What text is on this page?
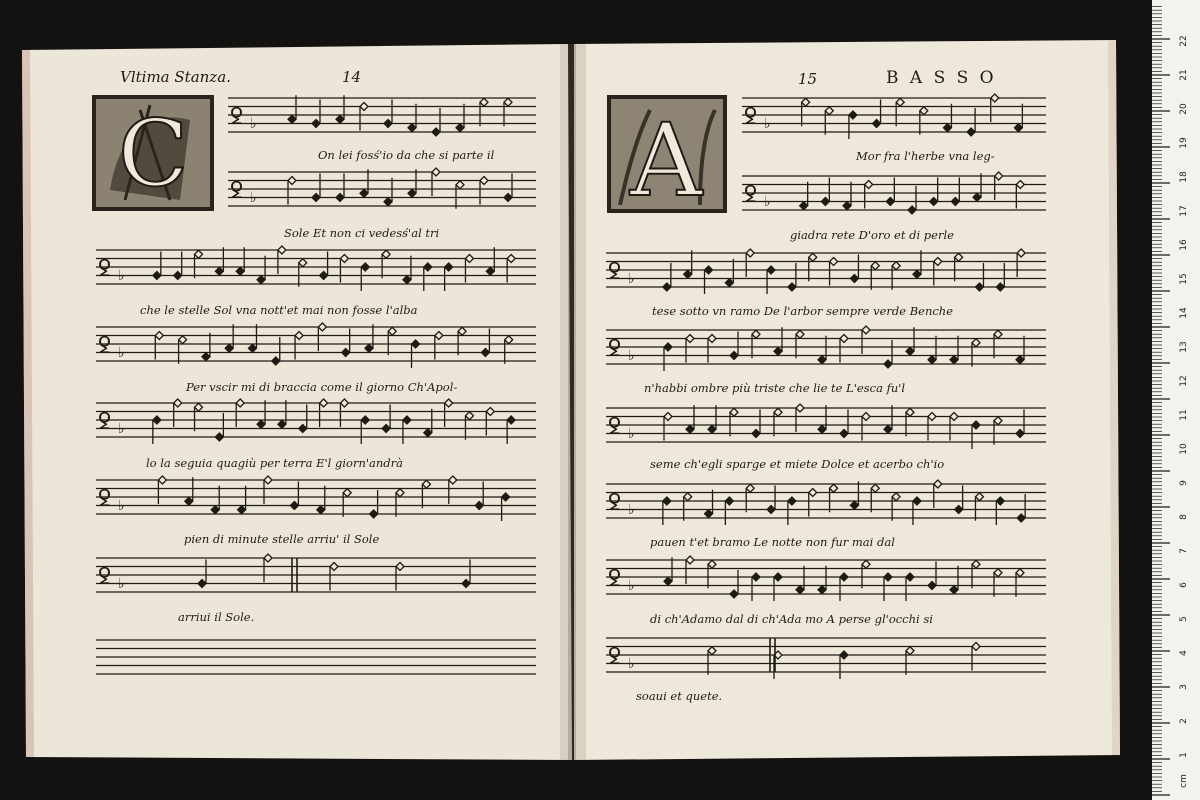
C	A
ꝿ ♭
ꝿ ♭
ꝿ ♭
ꝿ ♭
ꝿ ♭
ꝿ ♭
ꝿ ♭
ꝿ ♭
ꝿ ♭
ꝿ ♭
ꝿ ♭
ꝿ ♭
ꝿ ♭
ꝿ ♭
ꝿ ♭
Vltima Stanza.	14	15	B A S S O
On lei fosś'io da che si parte il
Sole Et non ci vedesś'al tri
che le stelle Sol vna nott'et mai non fosse l'alba
Per vscir mi di braccia come il giorno Ch'Apol-
lo la seguia quagiù per terra E'l giorn'andrà
pien di minute stelle arriu' il Sole
arriui il Sole.
Mor fra l'herbe vna leg-
giadra rete D'oro et di perle
tese sotto vn ramo De l'arbor sempre verde Benche
n'habbi ombre più triste che lie te L'esca fu'l
seme ch'egli sparge et miete Dolce et acerbo ch'io
pauen t'et bramo Le notte non fur mai dal
di ch'Adamo dal di ch'Ada mo A perse gl'occhi si
soaui et quete.
1
2
3
4
5
6
7
8
9
10
11
12
13
14
15
16
17
18
19
20
21
22
cm
